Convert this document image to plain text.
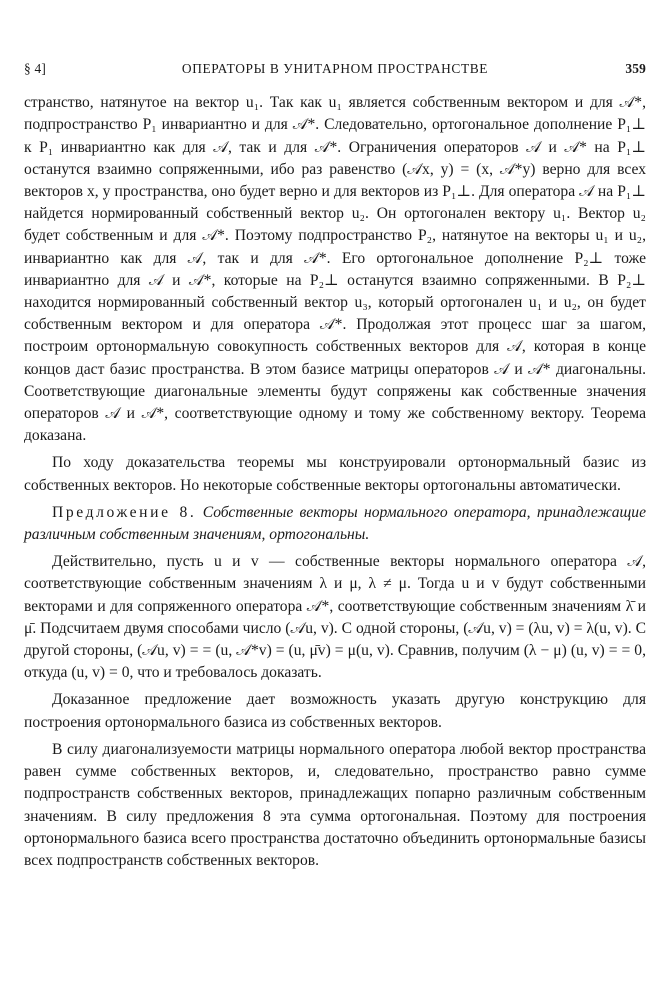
§ 4]	ОПЕРАТОРЫ В УНИТАРНОМ ПРОСТРАНСТВЕ	359

странство, натянутое на вектор u₁. Так как u₁ является собственным вектором и для 𝒜*, подпространство P₁ инвариантно и для 𝒜*. Следовательно, ортогональное дополнение P₁⊥ к P₁ инвариантно как для 𝒜, так и для 𝒜*. Ограничения операторов 𝒜 и 𝒜* на P₁⊥ останутся взаимно сопряженными, ибо раз равенство (𝒜x, y) = (x, 𝒜*y) верно для всех векторов x, y пространства, оно будет верно и для векторов из P₁⊥. Для оператора 𝒜 на P₁⊥ найдется нормированный собственный вектор u₂. Он ортогонален вектору u₁. Вектор u₂ будет собственным и для 𝒜*. Поэтому подпространство P₂, натянутое на векторы u₁ и u₂, инвариантно как для 𝒜, так и для 𝒜*. Его ортогональное дополнение P₂⊥ тоже инвариантно для 𝒜 и 𝒜*, которые на P₂⊥ останутся взаимно сопряженными. В P₂⊥ находится нормированный собственный вектор u₃, который ортогонален u₁ и u₂, он будет собственным вектором и для оператора 𝒜*. Продолжая этот процесс шаг за шагом, построим ортонормальную совокупность собственных векторов для 𝒜, которая в конце концов даст базис пространства. В этом базисе матрицы операторов 𝒜 и 𝒜* диагональны. Соответствующие диагональные элементы будут сопряжены как собственные значения операторов 𝒜 и 𝒜*, соответствующие одному и тому же собственному вектору. Теорема доказана.

По ходу доказательства теоремы мы конструировали ортонормальный базис из собственных векторов. Но некоторые собственные векторы ортогональны автоматически.

Предложение 8. Собственные векторы нормального оператора, принадлежащие различным собственным значениям, ортогональны.

Действительно, пусть u и v — собственные векторы нормального оператора 𝒜, соответствующие собственным значениям λ и μ, λ ≠ μ. Тогда u и v будут собственными векторами и для сопряженного оператора 𝒜*, соответствующие собственным значениям λ̄ и μ̄. Подсчитаем двумя способами число (𝒜u, v). С одной стороны, (𝒜u, v) = (λu, v) = λ(u, v). С другой стороны, (𝒜u, v) = = (u, 𝒜*v) = (u, μ̄v) = μ(u, v). Сравнив, получим (λ − μ) (u, v) = = 0, откуда (u, v) = 0, что и требовалось доказать.

Доказанное предложение дает возможность указать другую конструкцию для построения ортонормального базиса из собственных векторов.

В силу диагонализуемости матрицы нормального оператора любой вектор пространства равен сумме собственных векторов, и, следовательно, пространство равно сумме подпространств собственных векторов, принадлежащих попарно различным собственным значениям. В силу предложения 8 эта сумма ортогональная. Поэтому для построения ортонормального базиса всего пространства достаточно объединить ортонормальные базисы всех подпространств собственных векторов.
